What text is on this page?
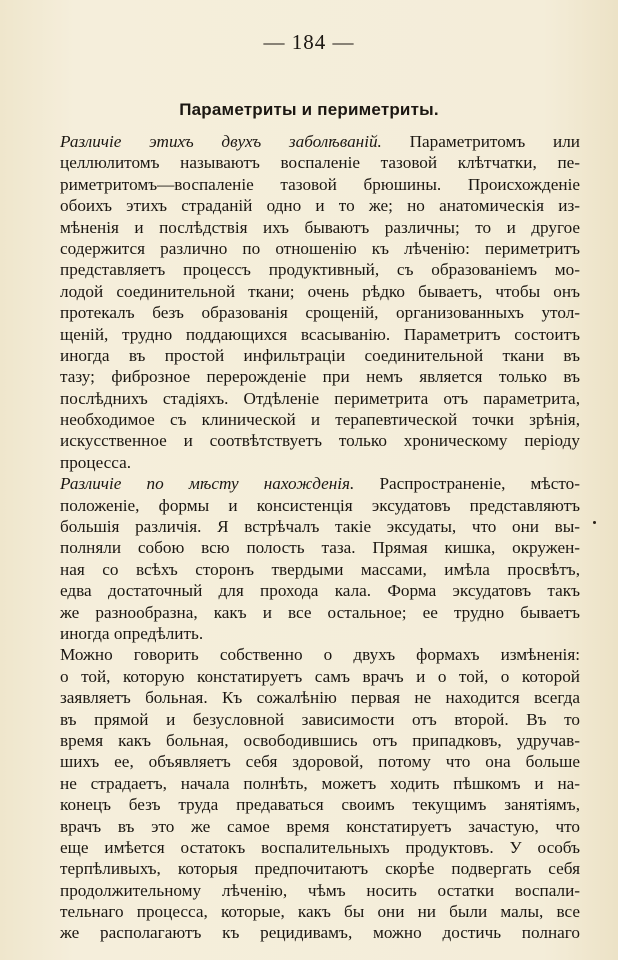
— 184 —
Параметриты и периметриты.
Различіе этихъ двухъ заболѣваній. Параметритомъ или
целлюлитомъ называютъ воспаленіе тазовой клѣтчатки, пе-
риметритомъ—воспаленіе тазовой брюшины. Происхожденіе
обоихъ этихъ страданій одно и то же; но анатомическія из-
мѣненія и послѣдствія ихъ бываютъ различны; то и другое
содержится различно по отношенію къ лѣченію: периметритъ
представляетъ процессъ продуктивный, съ образованіемъ мо-
лодой соединительной ткани; очень рѣдко бываетъ, чтобы онъ
протекалъ безъ образованія срощеній, организованныхъ утол-
щеній, трудно поддающихся всасыванію. Параметритъ состоитъ
иногда въ простой инфильтраціи соединительной ткани въ
тазу; фиброзное перерожденіе при немъ является только въ
послѣднихъ стадіяхъ. Отдѣленіе периметрита отъ параметрита,
необходимое съ клинической и терапевтической точки зрѣнія,
искусственное и соотвѣтствуетъ только хроническому періоду
процесса.
Различіе по мѣсту нахожденія. Распространеніе, мѣсто-
положеніе, формы и консистенція эксудатовъ представляютъ
большія различія. Я встрѣчалъ такіе эксудаты, что они вы-
полняли собою всю полость таза. Прямая кишка, окружен-
ная со всѣхъ сторонъ твердыми массами, имѣла просвѣтъ,
едва достаточный для прохода кала. Форма эксудатовъ такъ
же разнообразна, какъ и все остальное; ее трудно бываетъ
иногда опредѣлить.
Можно говорить собственно о двухъ формахъ измѣненія:
о той, которую констатируетъ самъ врачъ и о той, о которой
заявляетъ больная. Къ сожалѣнію первая не находится всегда
въ прямой и безусловной зависимости отъ второй. Въ то
время какъ больная, освободившись отъ припадковъ, удручав-
шихъ ее, объявляетъ себя здоровой, потому что она больше
не страдаетъ, начала полнѣть, можетъ ходить пѣшкомъ и на-
конецъ безъ труда предаваться своимъ текущимъ занятіямъ,
врачъ въ это же самое время констатируетъ зачастую, что
еще имѣется остатокъ воспалительныхъ продуктовъ. У особъ
терпѣливыхъ, которыя предпочитаютъ скорѣе подвергать себя
продолжительному лѣченію, чѣмъ носить остатки воспали-
тельнаго процесса, которые, какъ бы они ни были малы, все
же располагаютъ къ рецидивамъ, можно достичь полнаго
